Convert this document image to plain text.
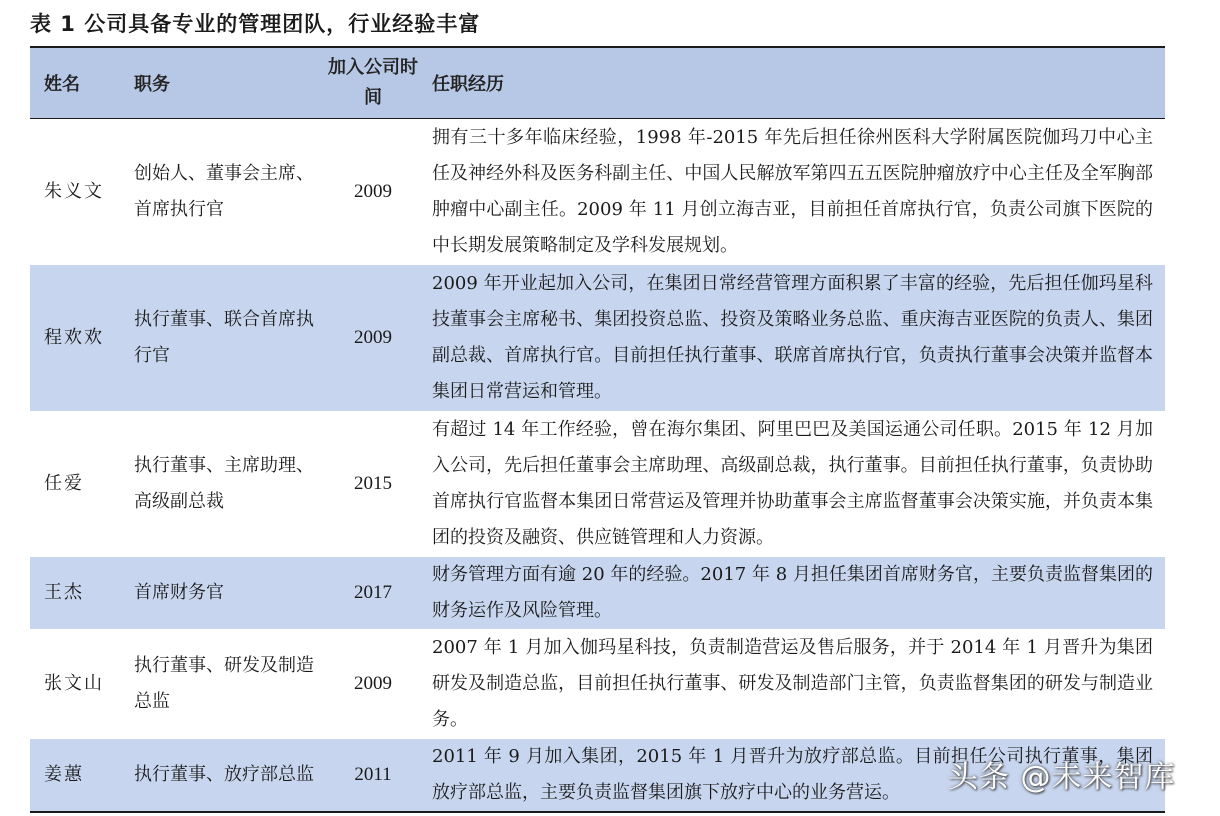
表 1 公司具备专业的管理团队，行业经验丰富
姓名	职务	加入公司时间	任职经历
朱义文	创始人、董事会主席、首席执行官	2009	拥有三十多年临床经验，1998 年-2015 年先后担任徐州医科大学附属医院伽玛刀中心主任及神经外科及医务科副主任、中国人民解放军第四五五医院肿瘤放疗中心主任及全军胸部肿瘤中心副主任。2009 年 11 月创立海吉亚，目前担任首席执行官，负责公司旗下医院的中长期发展策略制定及学科发展规划。
程欢欢	执行董事、联合首席执行官	2009	2009 年开业起加入公司，在集团日常经营管理方面积累了丰富的经验，先后担任伽玛星科技董事会主席秘书、集团投资总监、投资及策略业务总监、重庆海吉亚医院的负责人、集团副总裁、首席执行官。目前担任执行董事、联席首席执行官，负责执行董事会决策并监督本集团日常营运和管理。
任爱	执行董事、主席助理、高级副总裁	2015	有超过 14 年工作经验，曾在海尔集团、阿里巴巴及美国运通公司任职。2015 年 12 月加入公司，先后担任董事会主席助理、高级副总裁，执行董事。目前担任执行董事，负责协助首席执行官监督本集团日常营运及管理并协助董事会主席监督董事会决策实施，并负责本集团的投资及融资、供应链管理和人力资源。
王杰	首席财务官	2017	财务管理方面有逾 20 年的经验。2017 年 8 月担任集团首席财务官，主要负责监督集团的财务运作及风险管理。
张文山	执行董事、研发及制造总监	2009	2007 年 1 月加入伽玛星科技，负责制造营运及售后服务，并于 2014 年 1 月晋升为集团研发及制造总监，目前担任执行董事、研发及制造部门主管，负责监督集团的研发与制造业务。
姜蕙	执行董事、放疗部总监	2011	2011 年 9 月加入集团，2015 年 1 月晋升为放疗部总监。目前担任公司执行董事，集团放疗部总监，主要负责监督集团旗下放疗中心的业务营运。 头条 @未来智库
